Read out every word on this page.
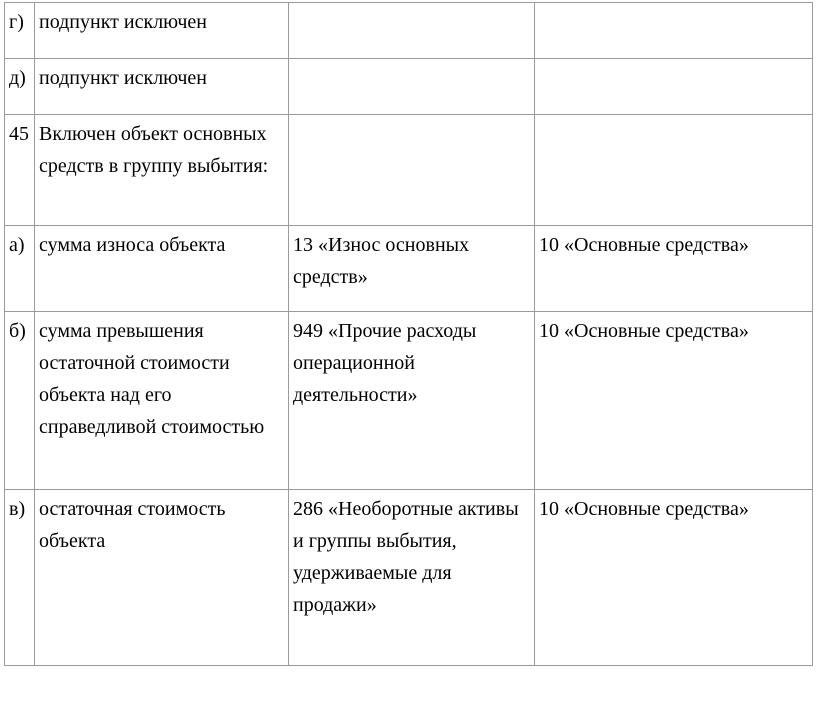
г)	подпункт исключен		

д)	подпункт исключен		

45	Включен объект основных средств в группу выбытия:		

а)	сумма износа объекта	13 «Износ основных средств»	10 «Основные средства»

б)	сумма превышения остаточной стоимости объекта над его справедливой стоимостью	949 «Прочие расходы операционной деятельности»	10 «Основные средства»

в)	остаточная стоимость объекта	286 «Необоротные активы и группы выбытия, удерживаемые для продажи»	10 «Основные средства»
